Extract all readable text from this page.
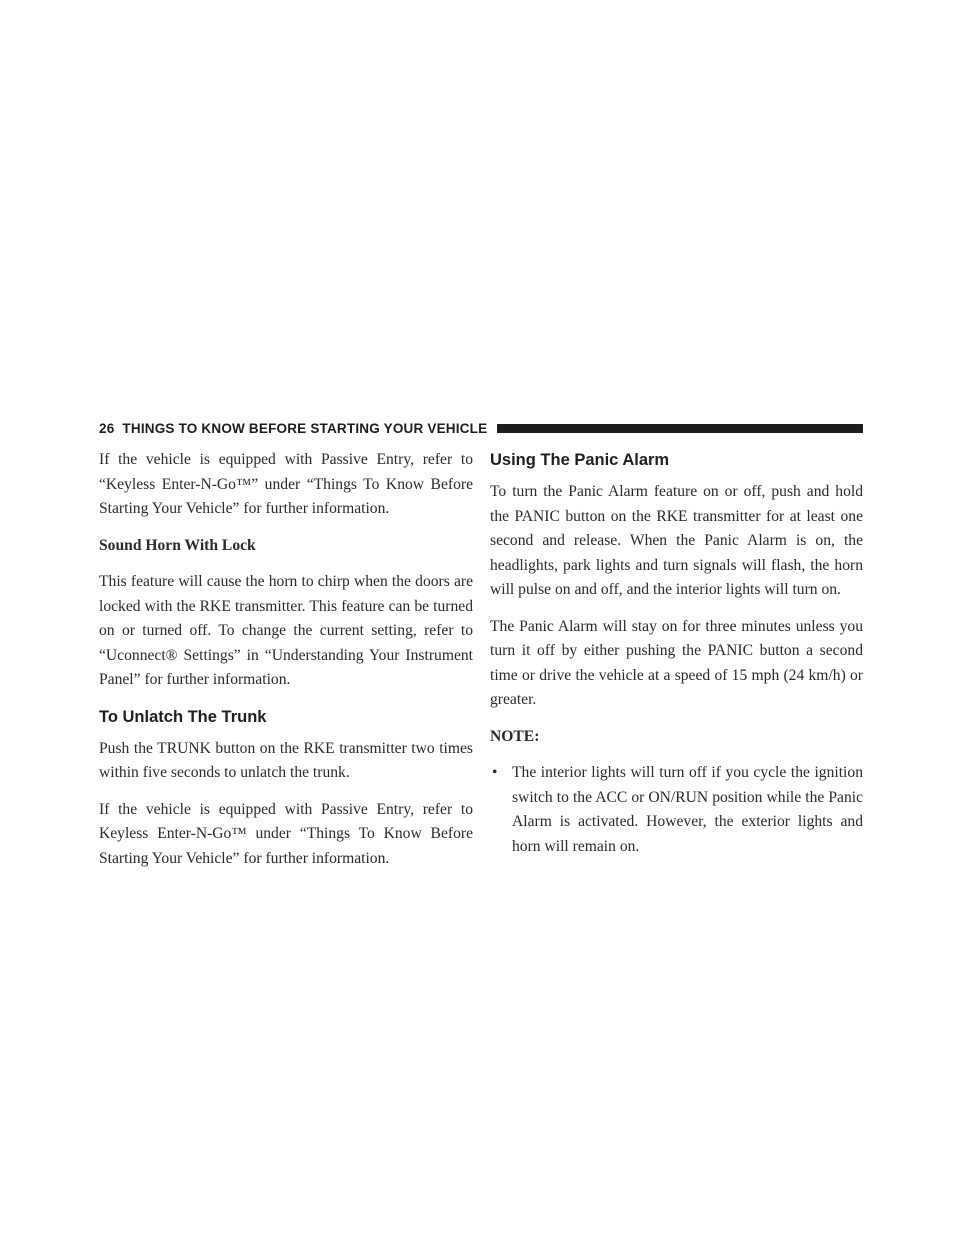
26 THINGS TO KNOW BEFORE STARTING YOUR VEHICLE

If the vehicle is equipped with Passive Entry, refer to “Keyless Enter-N-Go™” under “Things To Know Before Starting Your Vehicle” for further information.

Sound Horn With Lock

This feature will cause the horn to chirp when the doors are locked with the RKE transmitter. This feature can be turned on or turned off. To change the current setting, refer to “Uconnect® Settings” in “Understanding Your Instrument Panel” for further information.

To Unlatch The Trunk

Push the TRUNK button on the RKE transmitter two times within five seconds to unlatch the trunk.

If the vehicle is equipped with Passive Entry, refer to Keyless Enter-N-Go™ under “Things To Know Before Starting Your Vehicle” for further information.

Using The Panic Alarm

To turn the Panic Alarm feature on or off, push and hold the PANIC button on the RKE transmitter for at least one second and release. When the Panic Alarm is on, the headlights, park lights and turn signals will flash, the horn will pulse on and off, and the interior lights will turn on.

The Panic Alarm will stay on for three minutes unless you turn it off by either pushing the PANIC button a second time or drive the vehicle at a speed of 15 mph (24 km/h) or greater.

NOTE:

• The interior lights will turn off if you cycle the ignition switch to the ACC or ON/RUN position while the Panic Alarm is activated. However, the exterior lights and horn will remain on.
